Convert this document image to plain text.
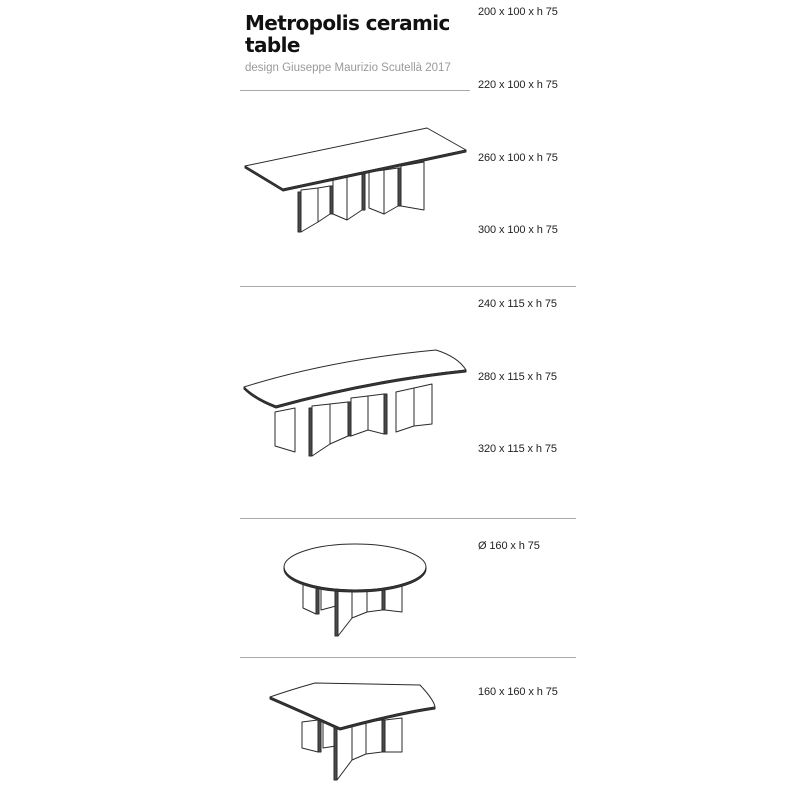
Metropolis ceramic table
design Giuseppe Maurizio Scutellà 2017
200 x 100 x h 75
220 x 100 x h 75
260 x 100 x h 75
300 x 100 x h 75
240 x 115 x h 75
280 x 115 x h 75
320 x 115 x h 75
Ø 160 x h 75
160 x 160 x h 75
